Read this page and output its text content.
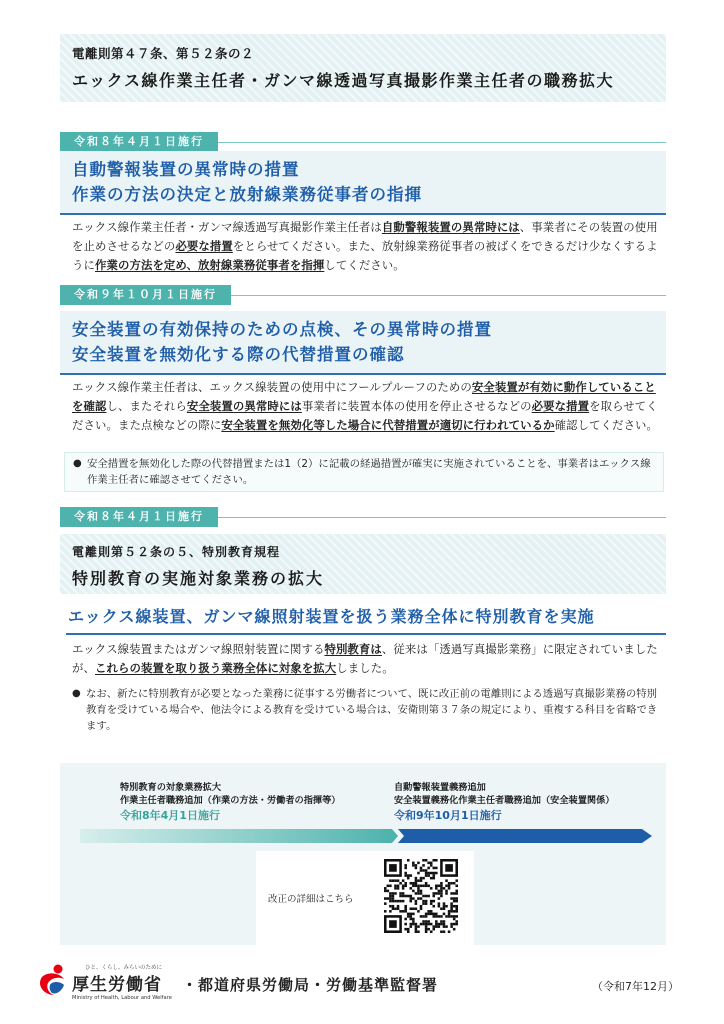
電離則第４７条、第５２条の２
エックス線作業主任者・ガンマ線透過写真撮影作業主任者の職務拡大
令和８年４月１日施行
自動警報装置の異常時の措置
作業の方法の決定と放射線業務従事者の指揮
エックス線作業主任者・ガンマ線透過写真撮影作業主任者は自動警報装置の異常時には、事業者にその装置の使用を止めさせるなどの必要な措置をとらせてください。また、放射線業務従事者の被ばくをできるだけ少なくするように作業の方法を定め、放射線業務従事者を指揮してください。
令和９年１０月１日施行
安全装置の有効保持のための点検、その異常時の措置
安全装置を無効化する際の代替措置の確認
エックス線作業主任者は、エックス線装置の使用中にフールプルーフのための安全装置が有効に動作していることを確認し、またそれら安全装置の異常時には事業者に装置本体の使用を停止させるなどの必要な措置を取らせてください。また点検などの際に安全装置を無効化等した場合に代替措置が適切に行われているか確認してください。
● 安全措置を無効化した際の代替措置または1（2）に記載の経過措置が確実に実施されていることを、事業者はエックス線作業主任者に確認させてください。
令和８年４月１日施行
電離則第５２条の５、特別教育規程
特別教育の実施対象業務の拡大
エックス線装置、ガンマ線照射装置を扱う業務全体に特別教育を実施
エックス線装置またはガンマ線照射装置に関する特別教育は、従来は「透過写真撮影業務」に限定されていましたが、これらの装置を取り扱う業務全体に対象を拡大しました。
● なお、新たに特別教育が必要となった業務に従事する労働者について、既に改正前の電離則による透過写真撮影業務の特別教育を受けている場合や、他法令による教育を受けている場合は、安衛則第３７条の規定により、重複する科目を省略できます。
特別教育の対象業務拡大
作業主任者職務追加（作業の方法・労働者の指揮等）
令和8年4月1日施行
自動警報装置義務追加
安全装置義務化作業主任者職務追加（安全装置関係）
令和9年10月1日施行
改正の詳細はこちら
ひと、くらし、みらいのために
厚生労働省
Ministry of Health, Labour and Welfare
・都道府県労働局・労働基準監督署	（令和7年12月）
